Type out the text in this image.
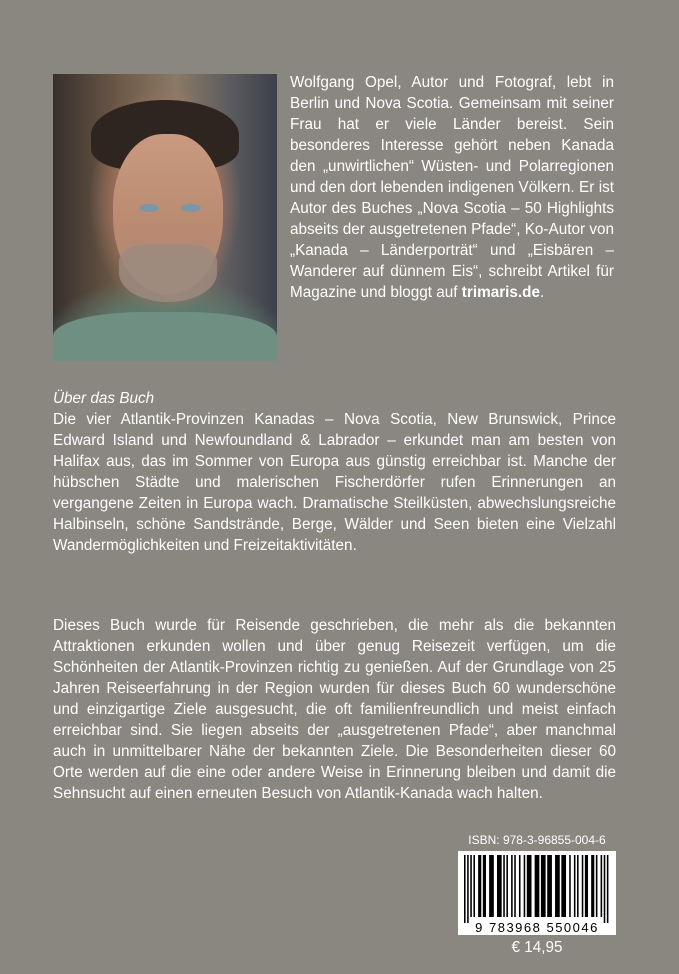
Wolfgang Opel, Autor und Fotograf, lebt in Berlin und Nova Scotia. Gemeinsam mit seiner Frau hat er viele Länder bereist. Sein besonderes Interesse gehört neben Kanada den „unwirtlichen“ Wüsten- und Polarregionen und den dort lebenden indigenen Völkern. Er ist Autor des Buches „Nova Scotia – 50 Highlights abseits der ausgetretenen Pfade“, Ko-Autor von „Kanada – Länderporträt“ und „Eisbären – Wanderer auf dünnem Eis“, schreibt Artikel für Magazine und bloggt auf trimaris.de.

Über das Buch

Die vier Atlantik-Provinzen Kanadas – Nova Scotia, New Brunswick, Prince Edward Island und Newfoundland & Labrador – erkundet man am besten von Halifax aus, das im Sommer von Europa aus günstig erreichbar ist. Manche der hübschen Städte und malerischen Fischerdörfer rufen Erinnerungen an vergangene Zeiten in Europa wach. Dramatische Steilküsten, abwechslungsreiche Halbinseln, schöne Sandstrände, Berge, Wälder und Seen bieten eine Vielzahl Wandermöglichkeiten und Freizeitaktivitäten.

Dieses Buch wurde für Reisende geschrieben, die mehr als die bekannten Attraktionen erkunden wollen und über genug Reisezeit verfügen, um die Schönheiten der Atlantik-Provinzen richtig zu genießen. Auf der Grundlage von 25 Jahren Reiseerfahrung in der Region wurden für dieses Buch 60 wunderschöne und einzigartige Ziele ausgesucht, die oft familienfreundlich und meist einfach erreichbar sind. Sie liegen abseits der „ausgetretenen Pfade“, aber manchmal auch in unmittelbarer Nähe der bekannten Ziele. Die Besonderheiten dieser 60 Orte werden auf die eine oder andere Weise in Erinnerung bleiben und damit die Sehnsucht auf einen erneuten Besuch von Atlantik-Kanada wach halten.

ISBN: 978-3-96855-004-6
9 783968 550046
€ 14,95
